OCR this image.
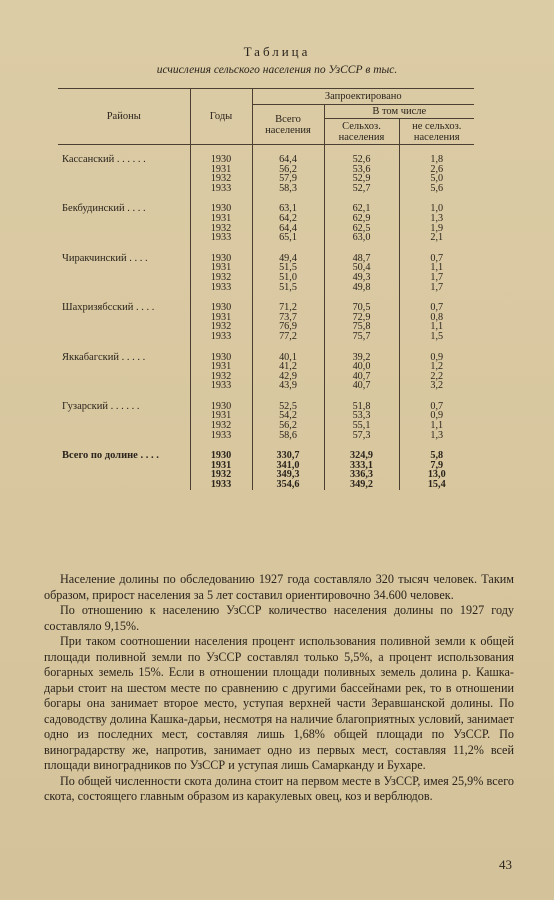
Таблица
исчисления сельского населения по УзССР в тыс.
Районы	Годы	Запроектировано		
		Всего населения	В том числе	
			Сельхоз. населения	не сельхоз. населения

Кассанский . . . . . .	1930	64,4	52,6	1,8
	1931	56,2	53,6	2,6
	1932	57,9	52,9	5,0
	1933	58,3	52,7	5,6

Бекбудинский . . . .	1930	63,1	62,1	1,0
	1931	64,2	62,9	1,3
	1932	64,4	62,5	1,9
	1933	65,1	63,0	2,1

Чиракчинский . . . .	1930	49,4	48,7	0,7
	1931	51,5	50,4	1,1
	1932	51,0	49,3	1,7
	1933	51,5	49,8	1,7

Шахризябсский . . . .	1930	71,2	70,5	0,7
	1931	73,7	72,9	0,8
	1932	76,9	75,8	1,1
	1933	77,2	75,7	1,5

Яккабагский . . . . .	1930	40,1	39,2	0,9
	1931	41,2	40,0	1,2
	1932	42,9	40,7	2,2
	1933	43,9	40,7	3,2

Гузарский . . . . . .	1930	52,5	51,8	0,7
	1931	54,2	53,3	0,9
	1932	56,2	55,1	1,1
	1933	58,6	57,3	1,3

Всего по долине . . . .	1930	330,7	324,9	5,8
	1931	341,0	333,1	7,9
	1932	349,3	336,3	13,0
	1933	354,6	349,2	15,4

Население долины по обследованию 1927 года составляло 320 тысяч человек. Таким образом, прирост населения за 5 лет составил ориентировочно 34.600 человек.

По отношению к населению УзССР количество населения долины по 1927 году составляло 9,15%.

При таком соотношении населения процент использования поливной земли к общей площади поливной земли по УзССР составлял только 5,5%, а процент использования богарных земель 15%. Если в отношении площади поливных земель долина р. Кашка-дарьи стоит на шестом месте по сравнению с другими бассейнами рек, то в отношении богары она занимает второе место, уступая верхней части Зеравшанской долины. По садоводству долина Кашка-дарьи, несмотря на наличие благоприятных условий, занимает одно из последних мест, составляя лишь 1,68% общей площади по УзССР. По виноградарству же, напротив, занимает одно из первых мест, составляя 11,2% всей площади виноградников по УзССР и уступая лишь Самарканду и Бухаре.

По общей численности скота долина стоит на первом месте в УзССР, имея 25,9% всего скота, состоящего главным образом из каракулевых овец, коз и верблюдов.

43
